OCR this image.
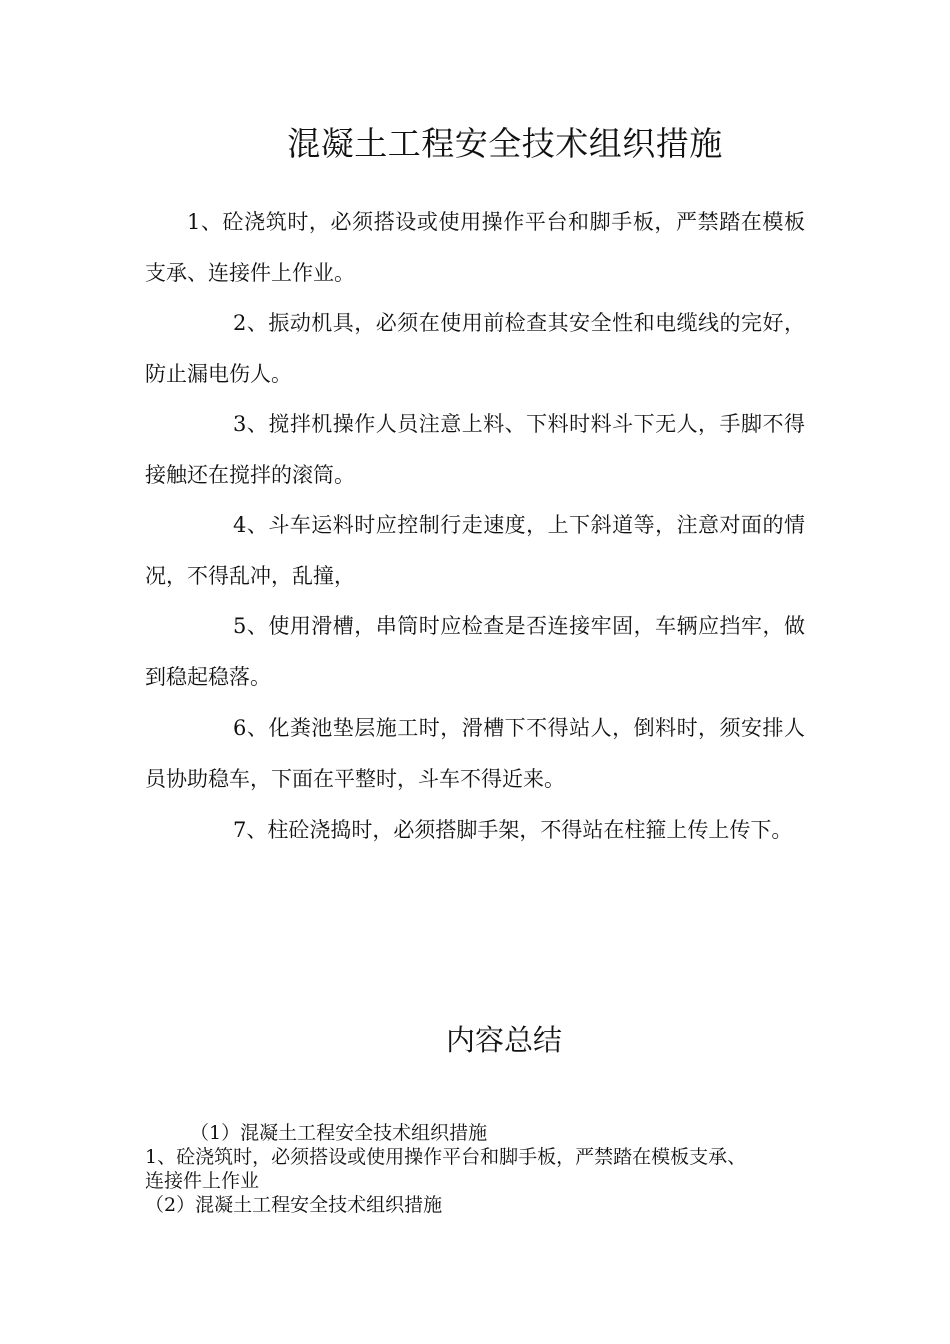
混凝土工程安全技术组织措施

1、砼浇筑时，必须搭设或使用操作平台和脚手板，严禁踏在模板支承、连接件上作业。

2、振动机具，必须在使用前检查其安全性和电缆线的完好，防止漏电伤人。

3、搅拌机操作人员注意上料、下料时料斗下无人，手脚不得接触还在搅拌的滚筒。

4、斗车运料时应控制行走速度，上下斜道等，注意对面的情况，不得乱冲，乱撞，

5、使用滑槽，串筒时应检查是否连接牢固，车辆应挡牢，做到稳起稳落。

6、化粪池垫层施工时，滑槽下不得站人，倒料时，须安排人员协助稳车，下面在平整时，斗车不得近来。

7、柱砼浇捣时，必须搭脚手架，不得站在柱箍上传上传下。

内容总结

（1）混凝土工程安全技术组织措施

1、砼浇筑时，必须搭设或使用操作平台和脚手板，严禁踏在模板支承、

连接件上作业

（2）混凝土工程安全技术组织措施
